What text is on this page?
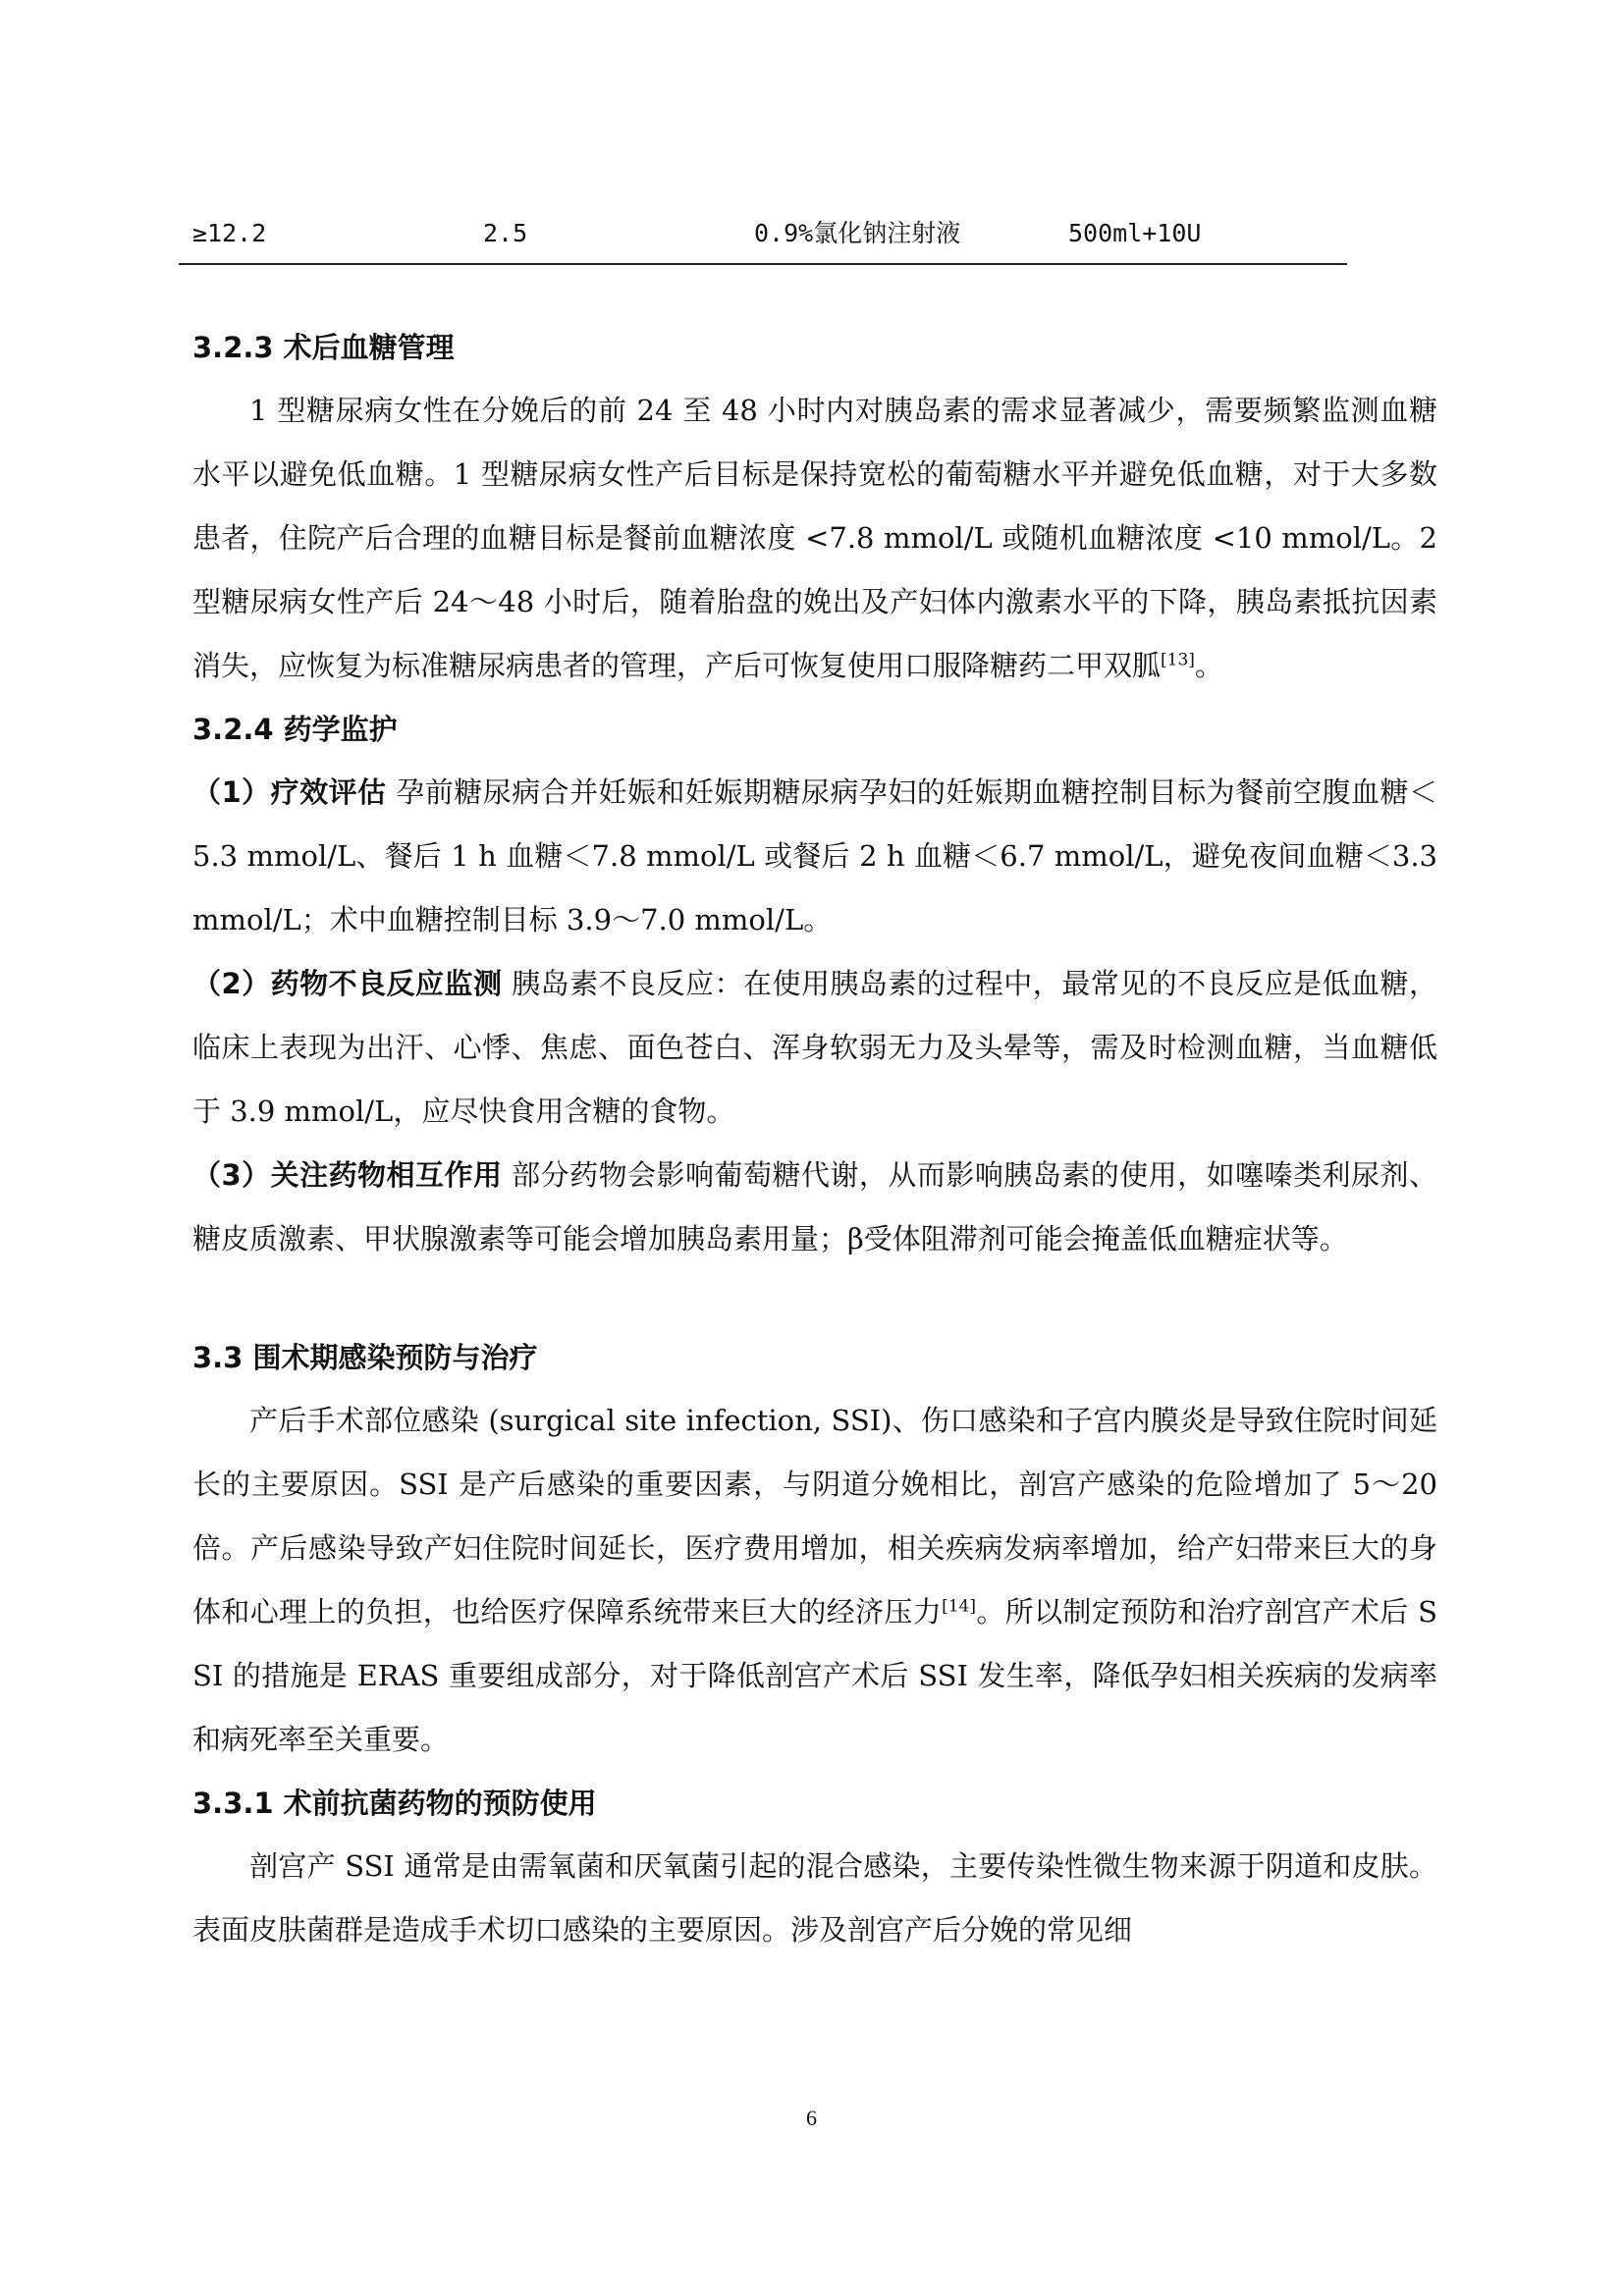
≥12.2	2.5	0.9%氯化钠注射液	500ml+10U
3.2.3 术后血糖管理

1 型糖尿病女性在分娩后的前 24 至 48 小时内对胰岛素的需求显著减少，需要频繁监测血糖水平以避免低血糖。1 型糖尿病女性产后目标是保持宽松的葡萄糖水平并避免低血糖，对于大多数患者，住院产后合理的血糖目标是餐前血糖浓度 <7.8 mmol/L 或随机血糖浓度 <10 mmol/L。2 型糖尿病女性产后 24～48 小时后，随着胎盘的娩出及产妇体内激素水平的下降，胰岛素抵抗因素消失，应恢复为标准糖尿病患者的管理，产后可恢复使用口服降糖药二甲双胍[13]。

3.2.4 药学监护

（1）疗效评估 孕前糖尿病合并妊娠和妊娠期糖尿病孕妇的妊娠期血糖控制目标为餐前空腹血糖＜5.3 mmol/L、餐后 1 h 血糖＜7.8 mmol/L 或餐后 2 h 血糖＜6.7 mmol/L，避免夜间血糖＜3.3 mmol/L；术中血糖控制目标 3.9～7.0 mmol/L。

（2）药物不良反应监测 胰岛素不良反应：在使用胰岛素的过程中，最常见的不良反应是低血糖，临床上表现为出汗、心悸、焦虑、面色苍白、浑身软弱无力及头晕等，需及时检测血糖，当血糖低于 3.9 mmol/L，应尽快食用含糖的食物。

（3）关注药物相互作用 部分药物会影响葡萄糖代谢，从而影响胰岛素的使用，如噻嗪类利尿剂、糖皮质激素、甲状腺激素等可能会增加胰岛素用量；β受体阻滞剂可能会掩盖低血糖症状等。

3.3 围术期感染预防与治疗

产后手术部位感染 (surgical site infection, SSI)、伤口感染和子宫内膜炎是导致住院时间延长的主要原因。SSI 是产后感染的重要因素，与阴道分娩相比，剖宫产感染的危险增加了 5～20 倍。产后感染导致产妇住院时间延长，医疗费用增加，相关疾病发病率增加，给产妇带来巨大的身体和心理上的负担，也给医疗保障系统带来巨大的经济压力[14]。所以制定预防和治疗剖宫产术后 SSI 的措施是 ERAS 重要组成部分，对于降低剖宫产术后 SSI 发生率，降低孕妇相关疾病的发病率和病死率至关重要。

3.3.1 术前抗菌药物的预防使用

剖宫产 SSI 通常是由需氧菌和厌氧菌引起的混合感染，主要传染性微生物来源于阴道和皮肤。表面皮肤菌群是造成手术切口感染的主要原因。涉及剖宫产后分娩的常见细

6
